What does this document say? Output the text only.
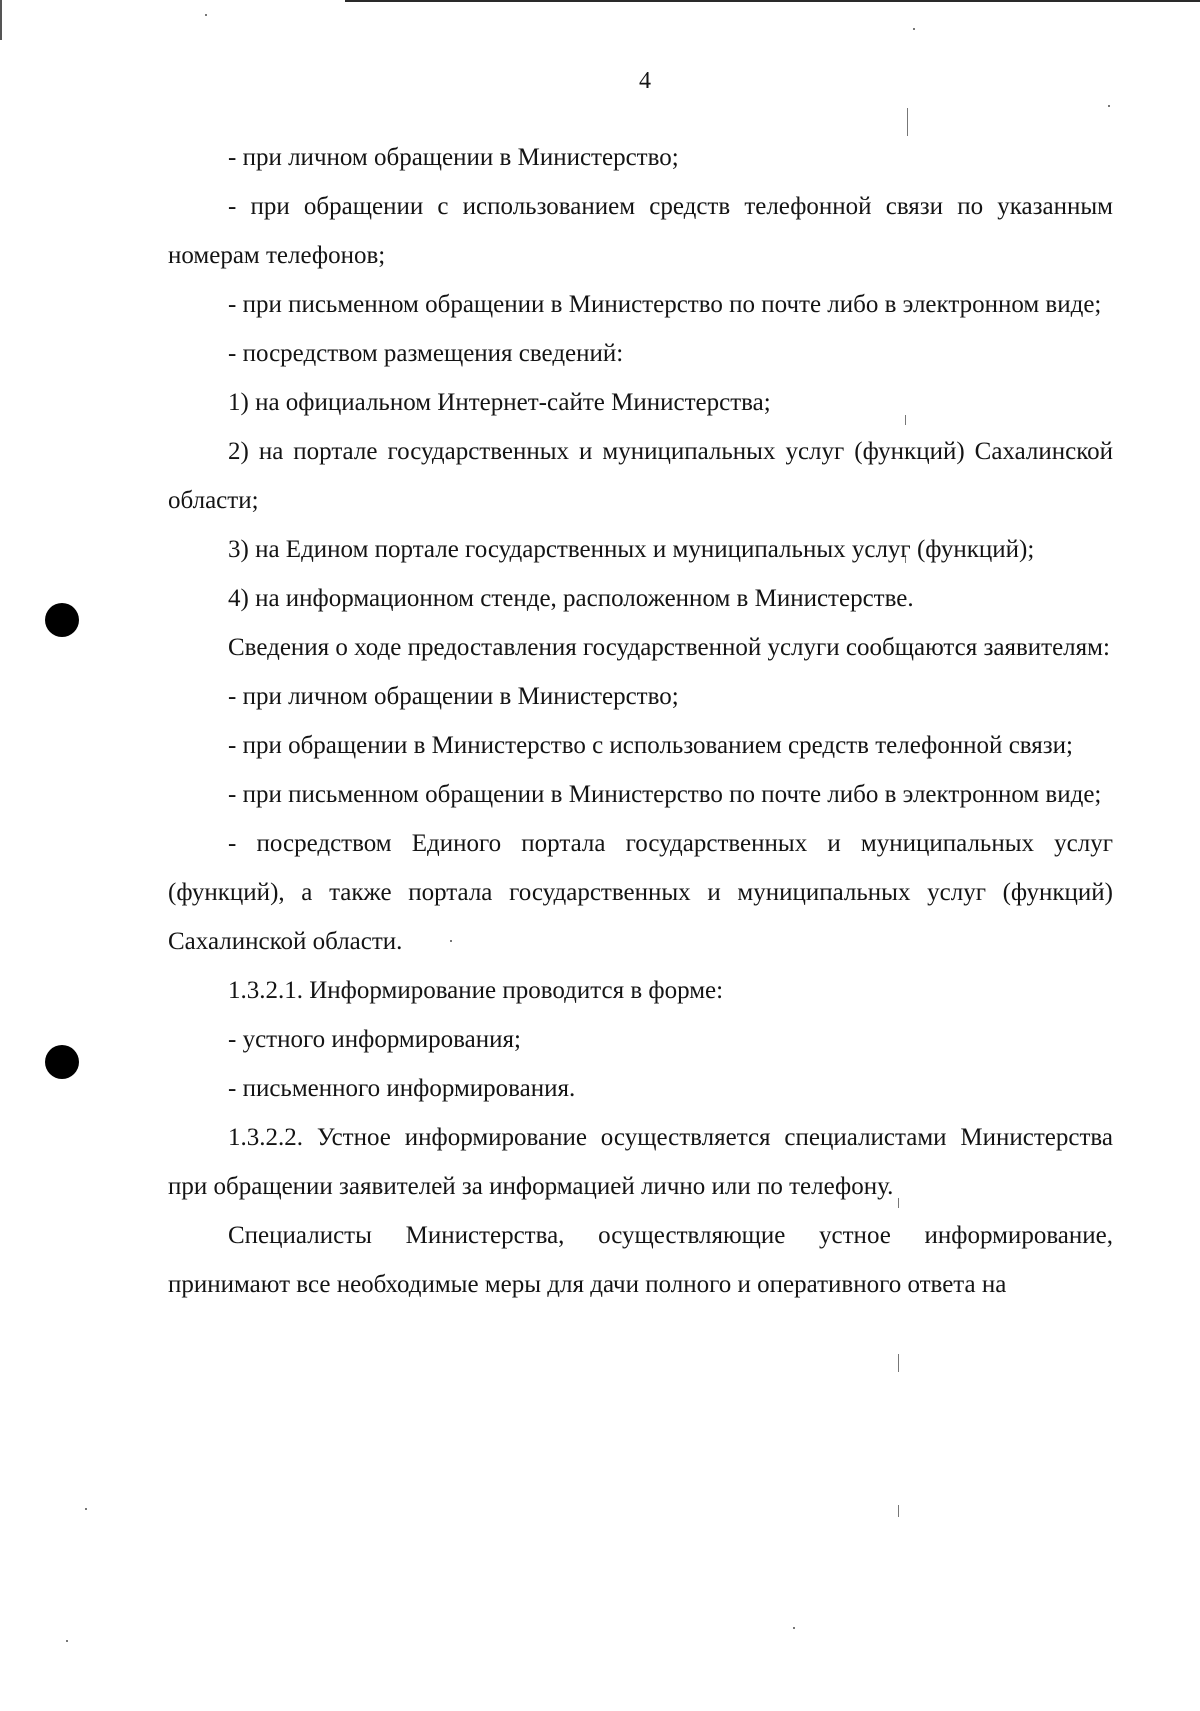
4

- при личном обращении в Министерство;

- при обращении с использованием средств телефонной связи по указанным номерам телефонов;

- при письменном обращении в Министерство по почте либо в электронном виде;

- посредством размещения сведений:

1) на официальном Интернет-сайте Министерства;

2) на портале государственных и муниципальных услуг (функций) Сахалинской области;

3) на Едином портале государственных и муниципальных услуг (функций);

4) на информационном стенде, расположенном в Министерстве.

Сведения о ходе предоставления государственной услуги сообщаются заявителям:

- при личном обращении в Министерство;

- при обращении в Министерство с использованием средств телефонной связи;

- при письменном обращении в Министерство по почте либо в электронном виде;

- посредством Единого портала государственных и муниципальных услуг (функций), а также портала государственных и муниципальных услуг (функций) Сахалинской области.

1.3.2.1. Информирование проводится в форме:

- устного информирования;

- письменного информирования.

1.3.2.2. Устное информирование осуществляется специалистами Министерства при обращении заявителей за информацией лично или по телефону.

Специалисты Министерства, осуществляющие устное информирование, принимают все необходимые меры для дачи полного и оперативного ответа на
